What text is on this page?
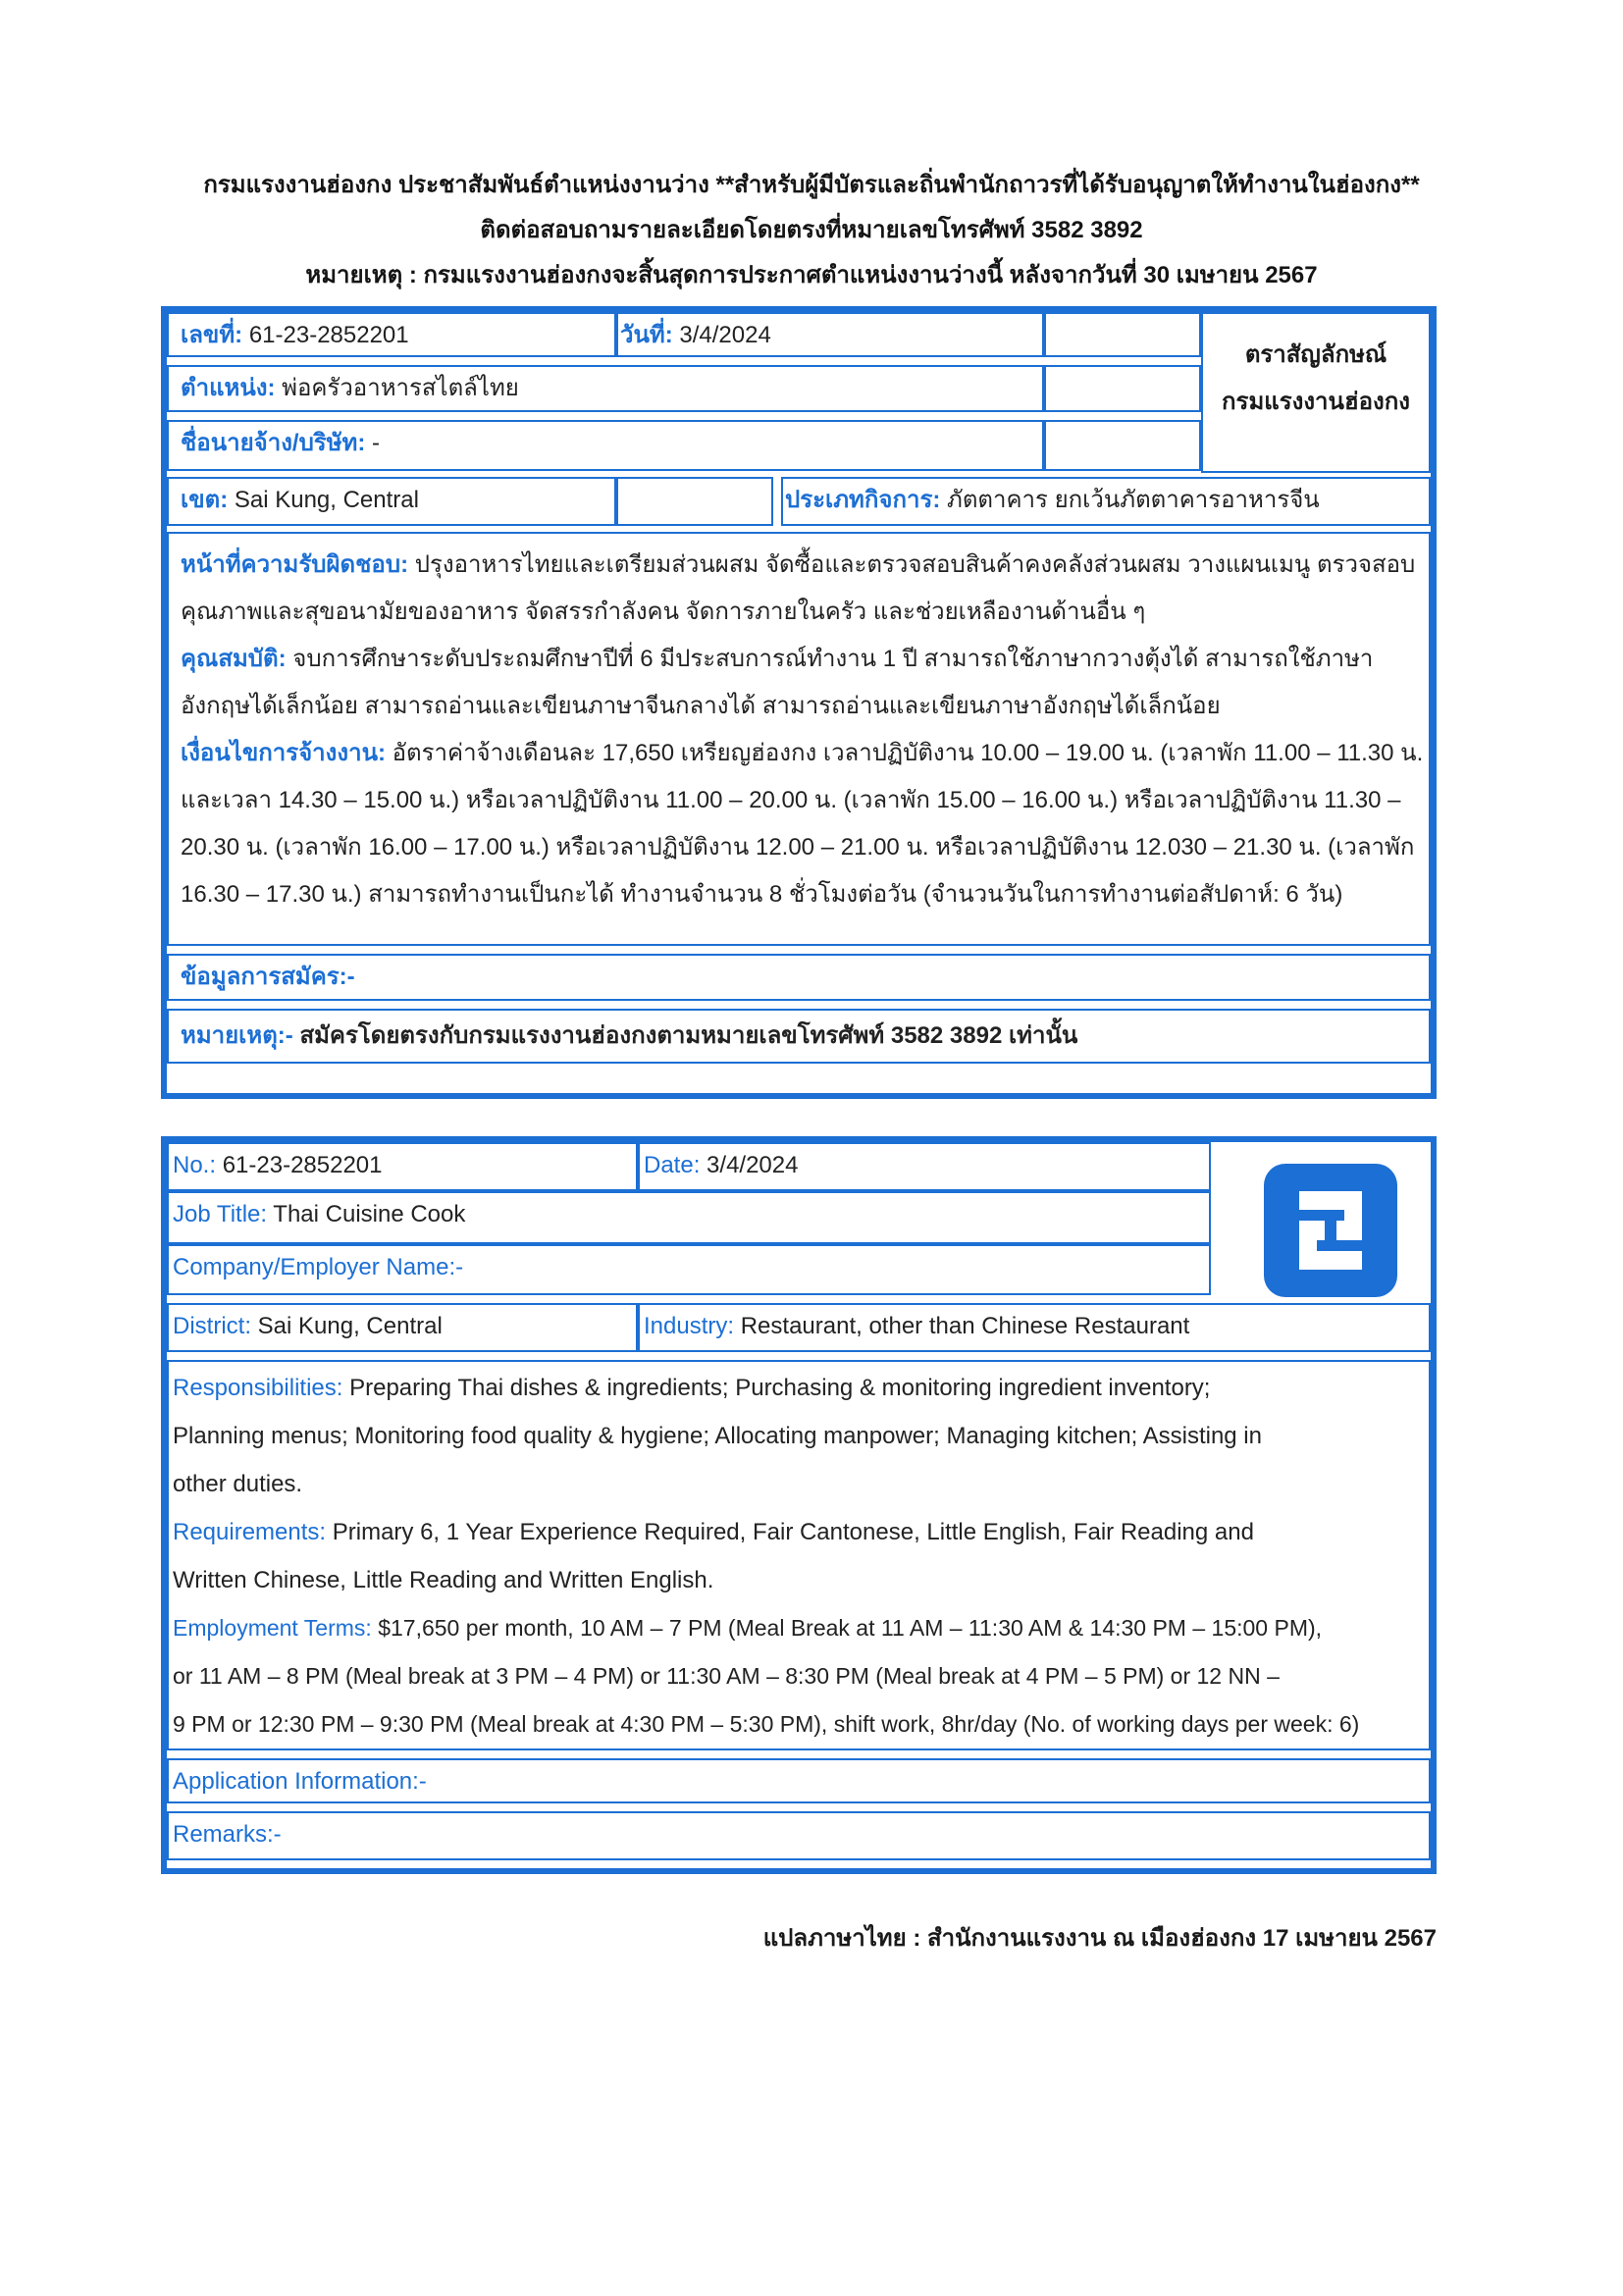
กรมแรงงานฮ่องกง ประชาสัมพันธ์ตำแหน่งงานว่าง **สำหรับผู้มีบัตรและถิ่นพำนักถาวรที่ได้รับอนุญาตให้ทำงานในฮ่องกง**
ติดต่อสอบถามรายละเอียดโดยตรงที่หมายเลขโทรศัพท์ 3582 3892
หมายเหตุ : กรมแรงงานฮ่องกงจะสิ้นสุดการประกาศตำแหน่งงานว่างนี้ หลังจากวันที่ 30 เมษายน 2567
เลขที่: 61-23-2852201	วันที่: 3/4/2024
ตราสัญลักษณ์
กรมแรงงานฮ่องกง
ตำแหน่ง: พ่อครัวอาหารสไตล์ไทย
ชื่อนายจ้าง/บริษัท: -
เขต: Sai Kung, Central	ประเภทกิจการ: ภัตตาคาร ยกเว้นภัตตาคารอาหารจีน
หน้าที่ความรับผิดชอบ: ปรุงอาหารไทยและเตรียมส่วนผสม จัดซื้อและตรวจสอบสินค้าคงคลังส่วนผสม วางแผนเมนู ตรวจสอบคุณภาพและสุขอนามัยของอาหาร จัดสรรกำลังคน จัดการภายในครัว และช่วยเหลืองานด้านอื่น ๆ
คุณสมบัติ: จบการศึกษาระดับประถมศึกษาปีที่ 6 มีประสบการณ์ทำงาน 1 ปี สามารถใช้ภาษากวางตุ้งได้ สามารถใช้ภาษาอังกฤษได้เล็กน้อย สามารถอ่านและเขียนภาษาจีนกลางได้ สามารถอ่านและเขียนภาษาอังกฤษได้เล็กน้อย
เงื่อนไขการจ้างงาน: อัตราค่าจ้างเดือนละ 17,650 เหรียญฮ่องกง เวลาปฏิบัติงาน 10.00 – 19.00 น. (เวลาพัก 11.00 – 11.30 น. และเวลา 14.30 – 15.00 น.) หรือเวลาปฏิบัติงาน 11.00 – 20.00 น. (เวลาพัก 15.00 – 16.00 น.) หรือเวลาปฏิบัติงาน 11.30 – 20.30 น. (เวลาพัก 16.00 – 17.00 น.) หรือเวลาปฏิบัติงาน 12.00 – 21.00 น. หรือเวลาปฏิบัติงาน 12.030 – 21.30 น. (เวลาพัก 16.30 – 17.30 น.) สามารถทำงานเป็นกะได้ ทำงานจำนวน 8 ชั่วโมงต่อวัน (จำนวนวันในการทำงานต่อสัปดาห์: 6 วัน)
ข้อมูลการสมัคร:-
หมายเหตุ:- สมัครโดยตรงกับกรมแรงงานฮ่องกงตามหมายเลขโทรศัพท์ 3582 3892 เท่านั้น
No.: 61-23-2852201	Date: 3/4/2024
Job Title: Thai Cuisine Cook
Company/Employer Name:-
District: Sai Kung, Central	Industry: Restaurant, other than Chinese Restaurant
Responsibilities: Preparing Thai dishes & ingredients; Purchasing & monitoring ingredient inventory;
Planning menus; Monitoring food quality & hygiene; Allocating manpower; Managing kitchen; Assisting in
other duties.
Requirements: Primary 6, 1 Year Experience Required, Fair Cantonese, Little English, Fair Reading and
Written Chinese, Little Reading and Written English.
Employment Terms: $17,650 per month, 10 AM – 7 PM (Meal Break at 11 AM – 11:30 AM & 14:30 PM – 15:00 PM),
or 11 AM – 8 PM (Meal break at 3 PM – 4 PM) or 11:30 AM – 8:30 PM (Meal break at 4 PM – 5 PM) or 12 NN –
9 PM or 12:30 PM – 9:30 PM (Meal break at 4:30 PM – 5:30 PM), shift work, 8hr/day (No. of working days per week: 6)
Application Information:-
Remarks:-
แปลภาษาไทย : สำนักงานแรงงาน ณ เมืองฮ่องกง 17 เมษายน 2567
